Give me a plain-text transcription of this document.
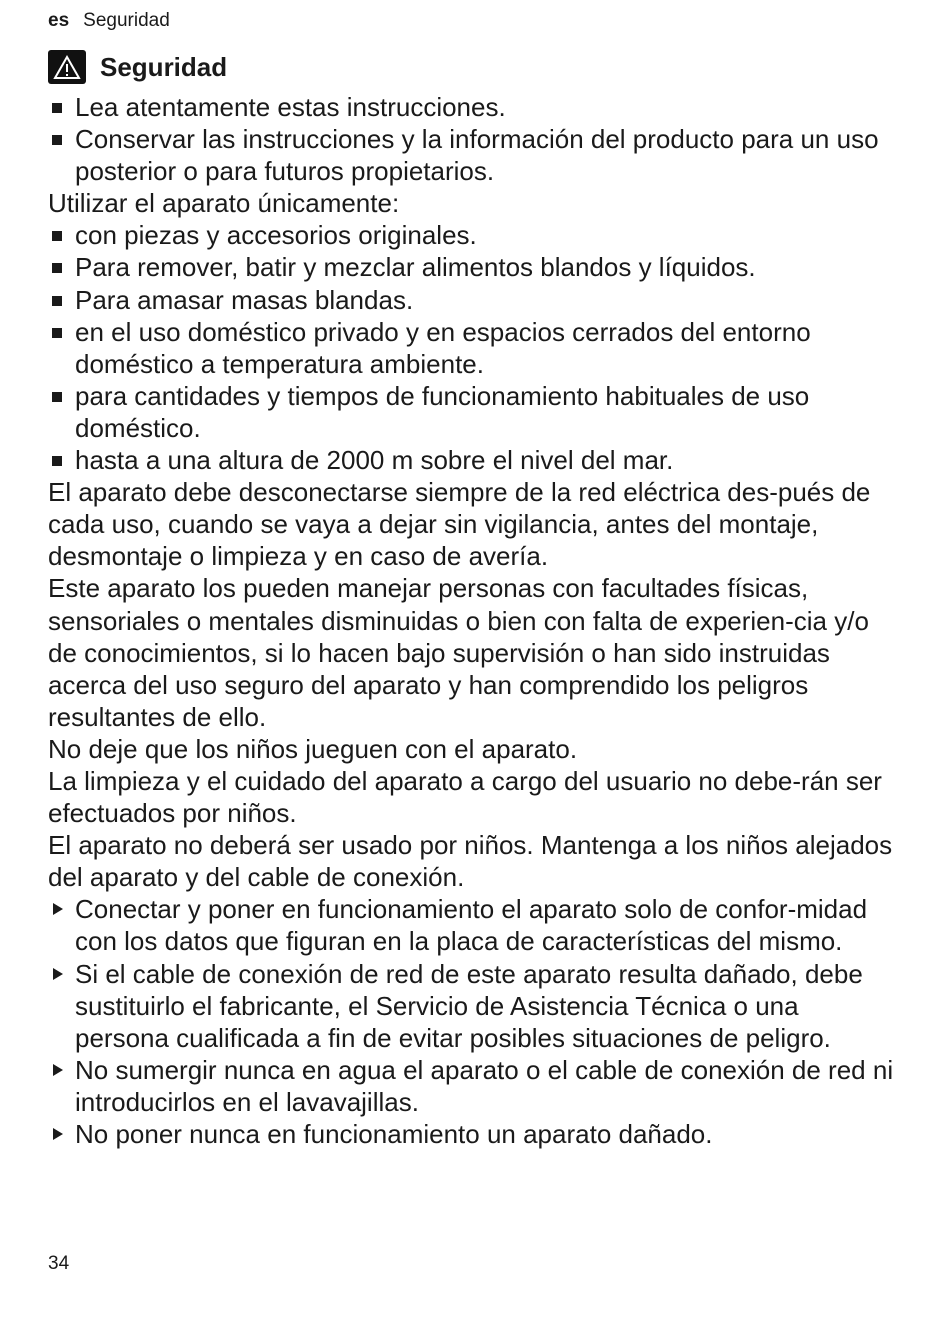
es Seguridad
Seguridad

Lea atentamente estas instrucciones.

Conservar las instrucciones y la información del producto para un uso posterior o para futuros propietarios.

Utilizar el aparato únicamente:

con piezas y accesorios originales.

Para remover, batir y mezclar alimentos blandos y líquidos.

Para amasar masas blandas.

en el uso doméstico privado y en espacios cerrados del entorno doméstico a temperatura ambiente.

para cantidades y tiempos de funcionamiento habituales de uso doméstico.

hasta a una altura de 2000 m sobre el nivel del mar.

El aparato debe desconectarse siempre de la red eléctrica des-pués de cada uso, cuando se vaya a dejar sin vigilancia, antes del montaje, desmontaje o limpieza y en caso de avería.

Este aparato los pueden manejar personas con facultades físicas, sensoriales o mentales disminuidas o bien con falta de experien-cia y/o de conocimientos, si lo hacen bajo supervisión o han sido instruidas acerca del uso seguro del aparato y han comprendido los peligros resultantes de ello.

No deje que los niños jueguen con el aparato.

La limpieza y el cuidado del aparato a cargo del usuario no debe-rán ser efectuados por niños.

El aparato no deberá ser usado por niños. Mantenga a los niños alejados del aparato y del cable de conexión.

Conectar y poner en funcionamiento el aparato solo de confor-midad con los datos que figuran en la placa de características del mismo.

Si el cable de conexión de red de este aparato resulta dañado, debe sustituirlo el fabricante, el Servicio de Asistencia Técnica o una persona cualificada a fin de evitar posibles situaciones de peligro.

No sumergir nunca en agua el aparato o el cable de conexión de red ni introducirlos en el lavavajillas.

No poner nunca en funcionamiento un aparato dañado.

34
